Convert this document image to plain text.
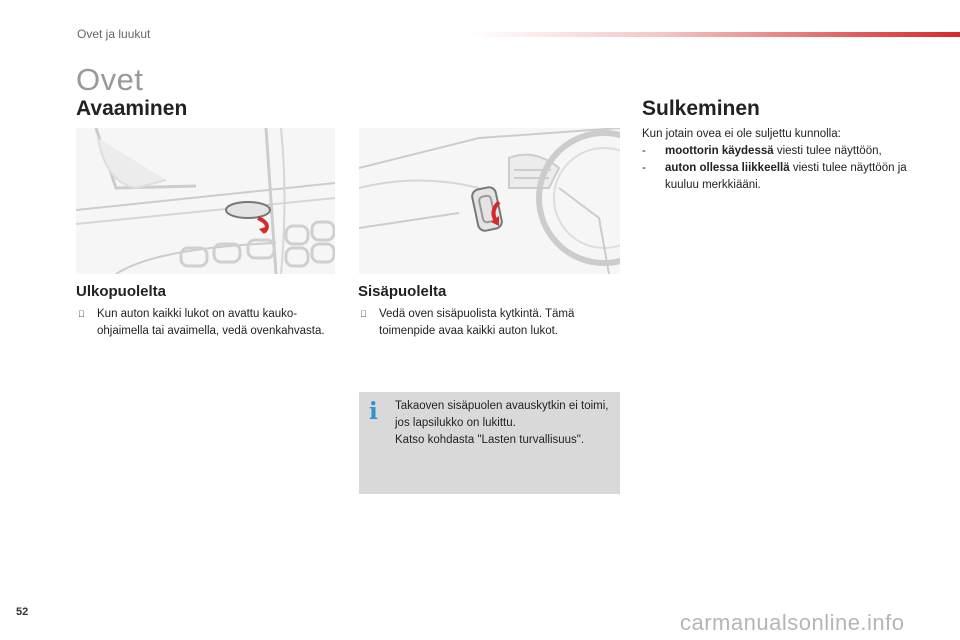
Ovet ja luukut
Ovet
Avaaminen
Ulkopuolelta
Kun auton kaikki lukot on avattu kauko-ohjaimella tai avaimella, vedä ovenkahvasta.
Sisäpuolelta
Vedä oven sisäpuolista kytkintä. Tämä toimenpide avaa kaikki auton lukot.
i	Takaoven sisäpuolen avauskytkin ei toimi, jos lapsilukko on lukittu.
Katso kohdasta "Lasten turvallisuus".
Sulkeminen
Kun jotain ovea ei ole suljettu kunnolla:
- moottorin käydessä viesti tulee näyttöön,
- auton ollessa liikkeellä viesti tulee näyttöön ja kuuluu merkkiääni.
52	carmanualsonline.info
